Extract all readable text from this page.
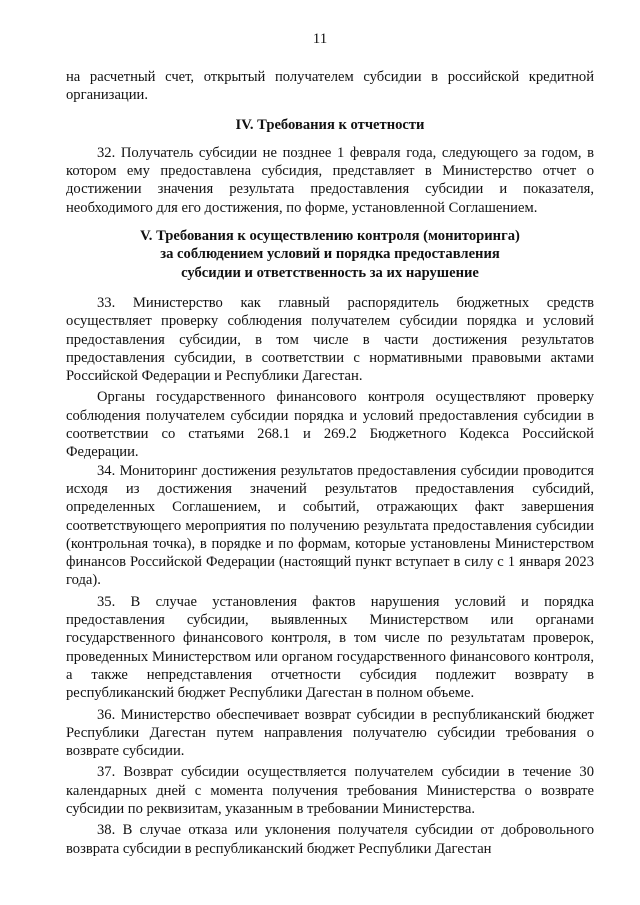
11

на расчетный счет, открытый получателем субсидии в российской кредитной организации.

IV. Требования к отчетности

32. Получатель субсидии не позднее 1 февраля года, следующего за годом, в котором ему предоставлена субсидия, представляет в Министерство отчет о достижении значения результата предоставления субсидии и показателя, необходимого для его достижения, по форме, установленной Соглашением.

V. Требования к осуществлению контроля (мониторинга)
за соблюдением условий и порядка предоставления
субсидии и ответственность за их нарушение

33. Министерство как главный распорядитель бюджетных средств осуществляет проверку соблюдения получателем субсидии порядка и условий предоставления субсидии, в том числе в части достижения результатов предоставления субсидии, в соответствии с нормативными правовыми актами Российской Федерации и Республики Дагестан.

Органы государственного финансового контроля осуществляют проверку соблюдения получателем субсидии порядка и условий предоставления субсидии в соответствии со статьями 268.1 и 269.2 Бюджетного Кодекса Российской Федерации.

34. Мониторинг достижения результатов предоставления субсидии проводится исходя из достижения значений результатов предоставления субсидий, определенных Соглашением, и событий, отражающих факт завершения соответствующего мероприятия по получению результата предоставления субсидии (контрольная точка), в порядке и по формам, которые установлены Министерством финансов Российской Федерации (настоящий пункт вступает в силу с 1 января 2023 года).

35. В случае установления фактов нарушения условий и порядка предоставления субсидии, выявленных Министерством или органами государственного финансового контроля, в том числе по результатам проверок, проведенных Министерством или органом государственного финансового контроля, а также непредставления отчетности субсидия подлежит возврату в республиканский бюджет Республики Дагестан в полном объеме.

36. Министерство обеспечивает возврат субсидии в республиканский бюджет Республики Дагестан путем направления получателю субсидии требования о возврате субсидии.

37. Возврат субсидии осуществляется получателем субсидии в течение 30 календарных дней с момента получения требования Министерства о возврате субсидии по реквизитам, указанным в требовании Министерства.

38. В случае отказа или уклонения получателя субсидии от добровольного возврата субсидии в республиканский бюджет Республики Дагестан
